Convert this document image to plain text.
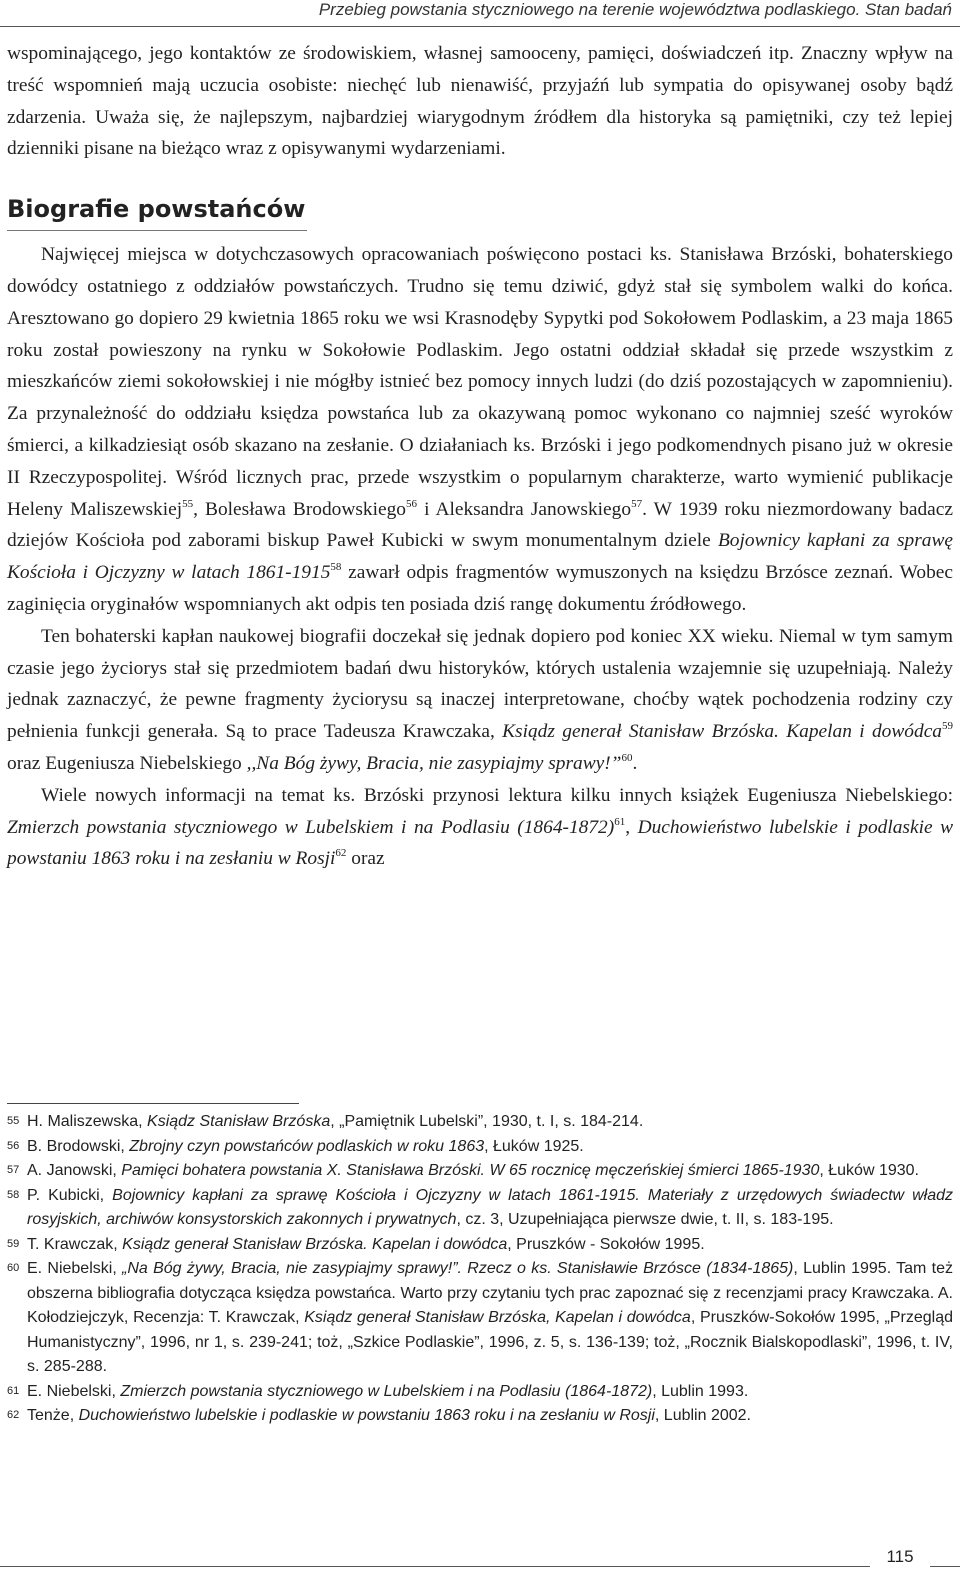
Przebieg powstania styczniowego na terenie województwa podlaskiego. Stan badań

wspominającego, jego kontaktów ze środowiskiem, własnej samooceny, pamięci, doświadczeń itp. Znaczny wpływ na treść wspomnień mają uczucia osobiste: niechęć lub nienawiść, przyjaźń lub sympatia do opisywanej osoby bądź zdarzenia. Uważa się, że najlepszym, najbardziej wiarygodnym źródłem dla historyka są pamiętniki, czy też lepiej dzienniki pisane na bieżąco wraz z opisywanymi wydarzeniami.

Biografie powstańców

Najwięcej miejsca w dotychczasowych opracowaniach poświęcono postaci ks. Stanisława Brzóski, bohaterskiego dowódcy ostatniego z oddziałów powstańczych. Trudno się temu dziwić, gdyż stał się symbolem walki do końca. Aresztowano go dopiero 29 kwietnia 1865 roku we wsi Krasnodęby Sypytki pod Sokołowem Podlaskim, a 23 maja 1865 roku został powieszony na rynku w Sokołowie Podlaskim. Jego ostatni oddział składał się przede wszystkim z mieszkańców ziemi sokołowskiej i nie mógłby istnieć bez pomocy innych ludzi (do dziś pozostających w zapomnieniu). Za przynależność do oddziału księdza powstańca lub za okazywaną pomoc wykonano co najmniej sześć wyroków śmierci, a kilkadziesiąt osób skazano na zesłanie. O działaniach ks. Brzóski i jego podkomendnych pisano już w okresie II Rzeczypospolitej. Wśród licznych prac, przede wszystkim o popularnym charakterze, warto wymienić publikacje Heleny Maliszewskiej$^{55}$, Bolesława Brodowskiego$^{56}$ i Aleksandra Janowskiego$^{57}$. W 1939 roku niezmordowany badacz dziejów Kościoła pod zaborami biskup Paweł Kubicki w swym monumentalnym dziele Bojownicy kapłani za sprawę Kościoła i Ojczyzny w latach 1861-1915$^{58}$ zawarł odpis fragmentów wymuszonych na księdzu Brzósce zeznań. Wobec zaginięcia oryginałów wspomnianych akt odpis ten posiada dziś rangę dokumentu źródłowego.

Ten bohaterski kapłan naukowej biografii doczekał się jednak dopiero pod koniec XX wieku. Niemal w tym samym czasie jego życiorys stał się przedmiotem badań dwu historyków, których ustalenia wzajemnie się uzupełniają. Należy jednak zaznaczyć, że pewne fragmenty życiorysu są inaczej interpretowane, choćby wątek pochodzenia rodziny czy pełnienia funkcji generała. Są to prace Tadeusza Krawczaka, Ksiądz generał Stanisław Brzóska. Kapelan i dowódca$^{59}$ oraz Eugeniusza Niebelskiego ,,Na Bóg żywy, Bracia, nie zasypiajmy sprawy!”$^{60}$.

Wiele nowych informacji na temat ks. Brzóski przynosi lektura kilku innych książek Eugeniusza Niebelskiego: Zmierzch powstania styczniowego w Lubelskiem i na Podlasiu (1864-1872)$^{61}$, Duchowieństwo lubelskie i podlaskie w powstaniu 1863 roku i na zesłaniu w Rosji$^{62}$ oraz

55 H. Maliszewska, Ksiądz Stanisław Brzóska, „Pamiętnik Lubelski”, 1930, t. I, s. 184-214.
56 B. Brodowski, Zbrojny czyn powstańców podlaskich w roku 1863, Łuków 1925.
57 A. Janowski, Pamięci bohatera powstania X. Stanisława Brzóski. W 65 rocznicę męczeńskiej śmierci 1865-1930, Łuków 1930.
58 P. Kubicki, Bojownicy kapłani za sprawę Kościoła i Ojczyzny w latach 1861-1915. Materiały z urzędowych świadectw władz rosyjskich, archiwów konsystorskich zakonnych i prywatnych, cz. 3, Uzupełniająca pierwsze dwie, t. II, s. 183-195.
59 T. Krawczak, Ksiądz generał Stanisław Brzóska. Kapelan i dowódca, Pruszków - Sokołów 1995.
60 E. Niebelski, „Na Bóg żywy, Bracia, nie zasypiajmy sprawy!”. Rzecz o ks. Stanisławie Brzósce (1834-1865), Lublin 1995. Tam też obszerna bibliografia dotycząca księdza powstańca. Warto przy czytaniu tych prac zapoznać się z recenzjami pracy Krawczaka. A. Kołodziejczyk, Recenzja: T. Krawczak, Ksiądz generał Stanisław Brzóska, Kapelan i dowódca, Pruszków-Sokołów 1995, „Przegląd Humanistyczny”, 1996, nr 1, s. 239-241; toż, „Szkice Podlaskie”, 1996, z. 5, s. 136-139; toż, „Rocznik Bialskopodlaski”, 1996, t. IV, s. 285-288.
61 E. Niebelski, Zmierzch powstania styczniowego w Lubelskiem i na Podlasiu (1864-1872), Lublin 1993.
62 Tenże, Duchowieństwo lubelskie i podlaskie w powstaniu 1863 roku i na zesłaniu w Rosji, Lublin 2002.
115
